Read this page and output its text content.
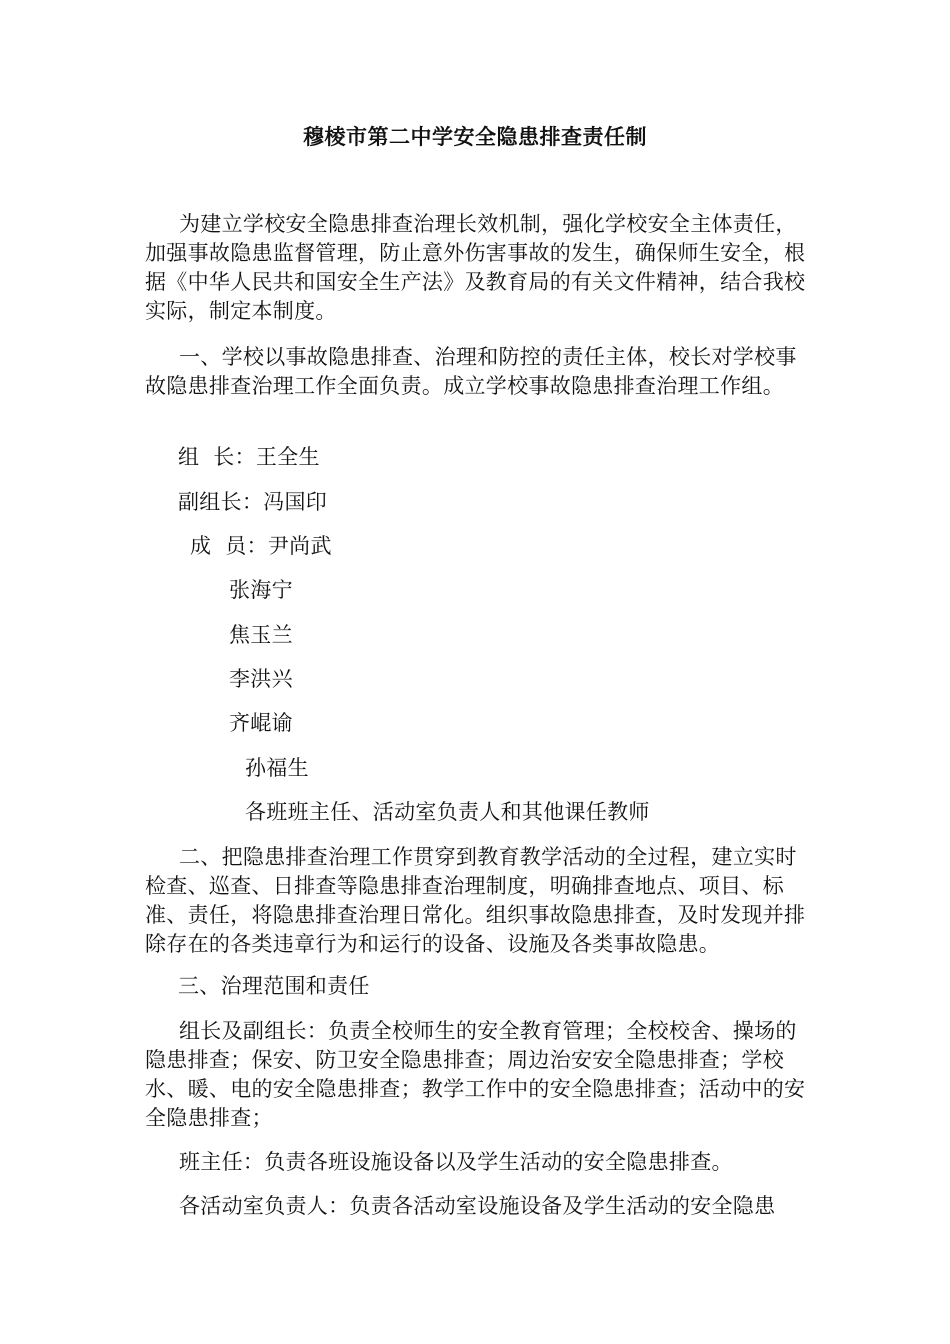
穆棱市第二中学安全隐患排查责任制

为建立学校安全隐患排查治理长效机制，强化学校安全主体责任，加强事故隐患监督管理，防止意外伤害事故的发生，确保师生安全，根据《中华人民共和国安全生产法》及教育局的有关文件精神，结合我校实际，制定本制度。

一、学校以事故隐患排查、治理和防控的责任主体，校长对学校事故隐患排查治理工作全面负责。成立学校事故隐患排查治理工作组。

组  长：王全生
副组长：冯国印
成  员：尹尚武
张海宁
焦玉兰
李洪兴
齐崐谕
孙福生
各班班主任、活动室负责人和其他课任教师

二、把隐患排查治理工作贯穿到教育教学活动的全过程，建立实时检查、巡查、日排查等隐患排查治理制度，明确排查地点、项目、标准、责任，将隐患排查治理日常化。组织事故隐患排查，及时发现并排除存在的各类违章行为和运行的设备、设施及各类事故隐患。

三、治理范围和责任

组长及副组长：负责全校师生的安全教育管理；全校校舍、操场的隐患排查；保安、防卫安全隐患排查；周边治安安全隐患排查；学校水、暖、电的安全隐患排查；教学工作中的安全隐患排查；活动中的安全隐患排查；

班主任：负责各班设施设备以及学生活动的安全隐患排查。

各活动室负责人：负责各活动室设施设备及学生活动的安全隐患
